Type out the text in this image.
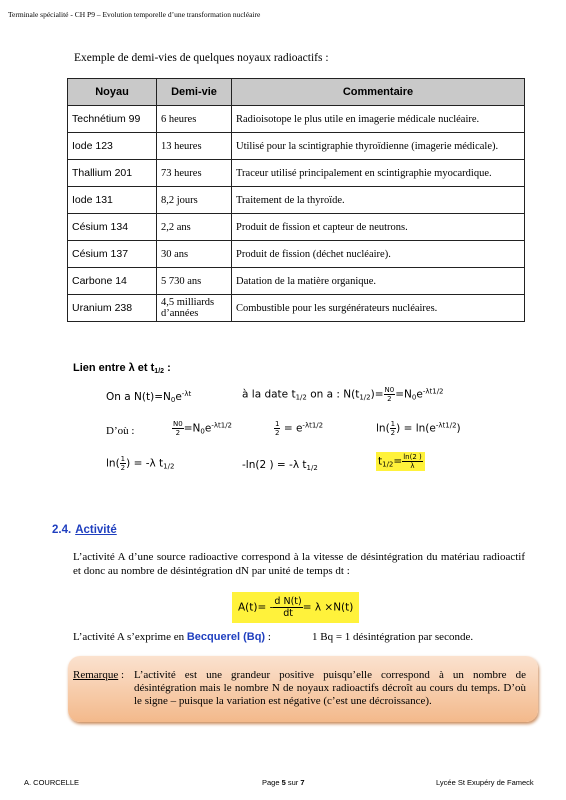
Terminale spécialité - CH P9 – Evolution temporelle d’une transformation nucléaire
Exemple de demi-vies de quelques noyaux radioactifs :
Noyau	Demi-vie	Commentaire
Technétium 99	6 heures	Radioisotope le plus utile en imagerie médicale nucléaire.
Iode 123	13 heures	Utilisé pour la scintigraphie thyroïdienne (imagerie médicale).
Thallium 201	73 heures	Traceur utilisé principalement en scintigraphie myocardique.
Iode 131	8,2 jours	Traitement de la thyroïde.
Césium 134	2,2 ans	Produit de fission et capteur de neutrons.
Césium 137	30 ans	Produit de fission (déchet nucléaire).
Carbone 14	5 730 ans	Datation de la matière organique.
Uranium 238	4,5 milliards d’années	Combustible pour les surgénérateurs nucléaires.
Lien entre λ et $t_{1/2}$ :
On a $N(t)=N_0e^{-\lambda t}$	à la date $t_{1/2}$ on a : $N(t_{1/2})= \frac{N0}{2} =N_0e^{-\lambda t1/2}$
D’où :	$\frac{N0}{2} =N_0e^{-\lambda t1/2}$	$\frac{1}{2} = e^{-\lambda t1/2}$	$\ln( \frac{1}{2}$ ) = $\ln(e^{-\lambda t1/2})$
$\ln( \frac{1}{2}$ ) = -λ $t_{1/2}$	-ln(2 ) = -λ $t_{1/2}$
$t_{1/2}= \frac{\ln(2 )}{\lambda}$
2.4. Activité
L’activité A d’une source radioactive correspond à la vitesse de désintégration du matériau radioactif et donc au nombre de désintégration dN par unité de temps dt :
$A(t)= - \frac{\text{d N(t)}}{dt} = \lambda \times N(t)$
L’activité A s’exprime en Becquerel (Bq) :	1 Bq = 1 désintégration par seconde.
Remarque : L’activité est une grandeur positive puisqu’elle correspond à un nombre de désintégration mais le nombre N de noyaux radioactifs décroît au cours du temps. D’où le signe – puisque la variation est négative (c’est une décroissance).
A. COURCELLE	Page 5 sur 7	Lycée St Exupéry de Fameck
